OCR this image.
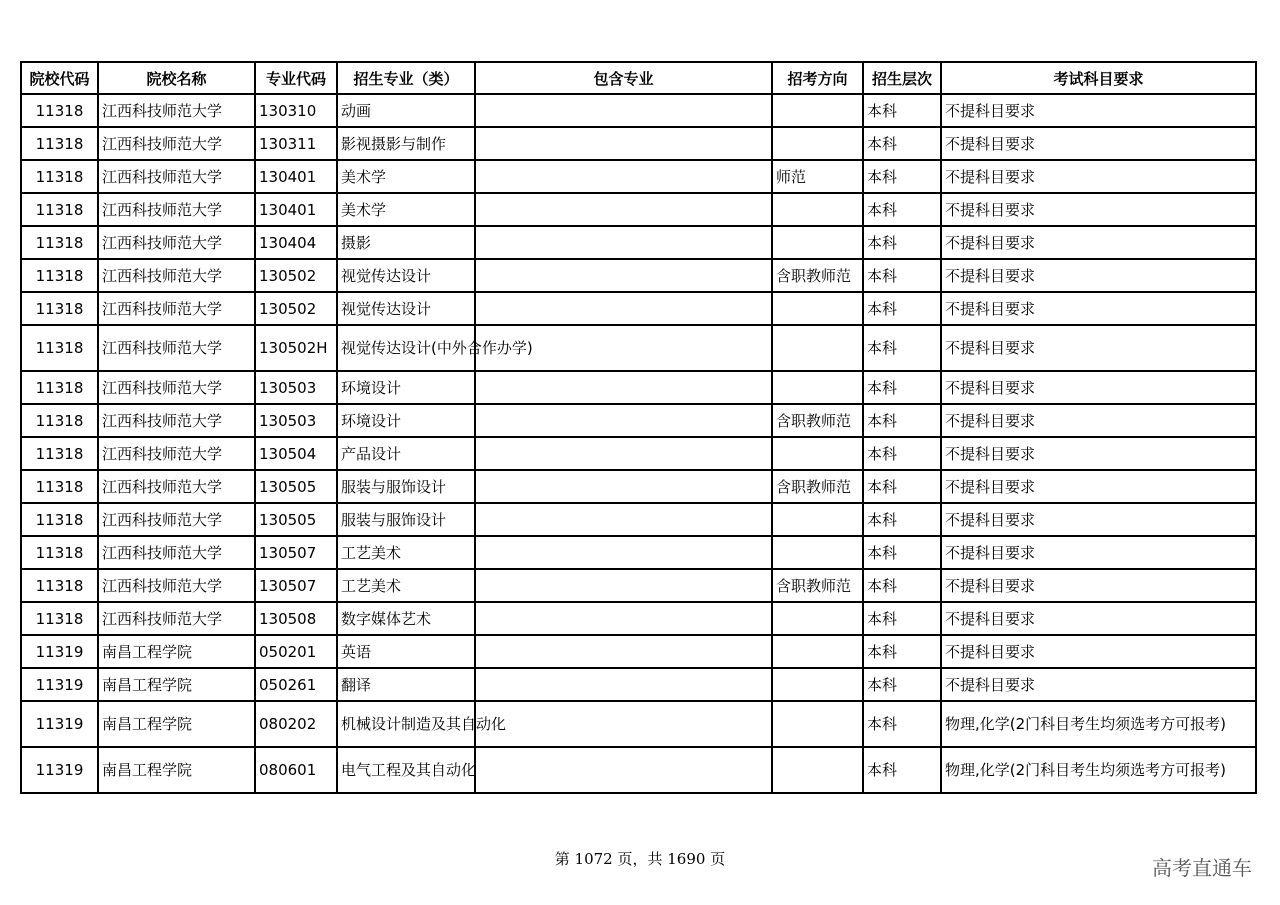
院校代码	院校名称	专业代码	招生专业（类）	包含专业	招考方向	招生层次	考试科目要求
11318	江西科技师范大学	130310	动画			本科	不提科目要求
11318	江西科技师范大学	130311	影视摄影与制作			本科	不提科目要求
11318	江西科技师范大学	130401	美术学		师范	本科	不提科目要求
11318	江西科技师范大学	130401	美术学			本科	不提科目要求
11318	江西科技师范大学	130404	摄影			本科	不提科目要求
11318	江西科技师范大学	130502	视觉传达设计		含职教师范	本科	不提科目要求
11318	江西科技师范大学	130502	视觉传达设计			本科	不提科目要求
11318	江西科技师范大学	130502H	视觉传达设计(中外合作办学)			本科	不提科目要求
11318	江西科技师范大学	130503	环境设计			本科	不提科目要求
11318	江西科技师范大学	130503	环境设计		含职教师范	本科	不提科目要求
11318	江西科技师范大学	130504	产品设计			本科	不提科目要求
11318	江西科技师范大学	130505	服装与服饰设计		含职教师范	本科	不提科目要求
11318	江西科技师范大学	130505	服装与服饰设计			本科	不提科目要求
11318	江西科技师范大学	130507	工艺美术			本科	不提科目要求
11318	江西科技师范大学	130507	工艺美术		含职教师范	本科	不提科目要求
11318	江西科技师范大学	130508	数字媒体艺术			本科	不提科目要求
11319	南昌工程学院	050201	英语			本科	不提科目要求
11319	南昌工程学院	050261	翻译			本科	不提科目要求
11319	南昌工程学院	080202	机械设计制造及其自动化			本科	物理,化学(2门科目考生均须选考方可报考)
11319	南昌工程学院	080601	电气工程及其自动化			本科	物理,化学(2门科目考生均须选考方可报考)
第 1072 页，共 1690 页	高考直通车
